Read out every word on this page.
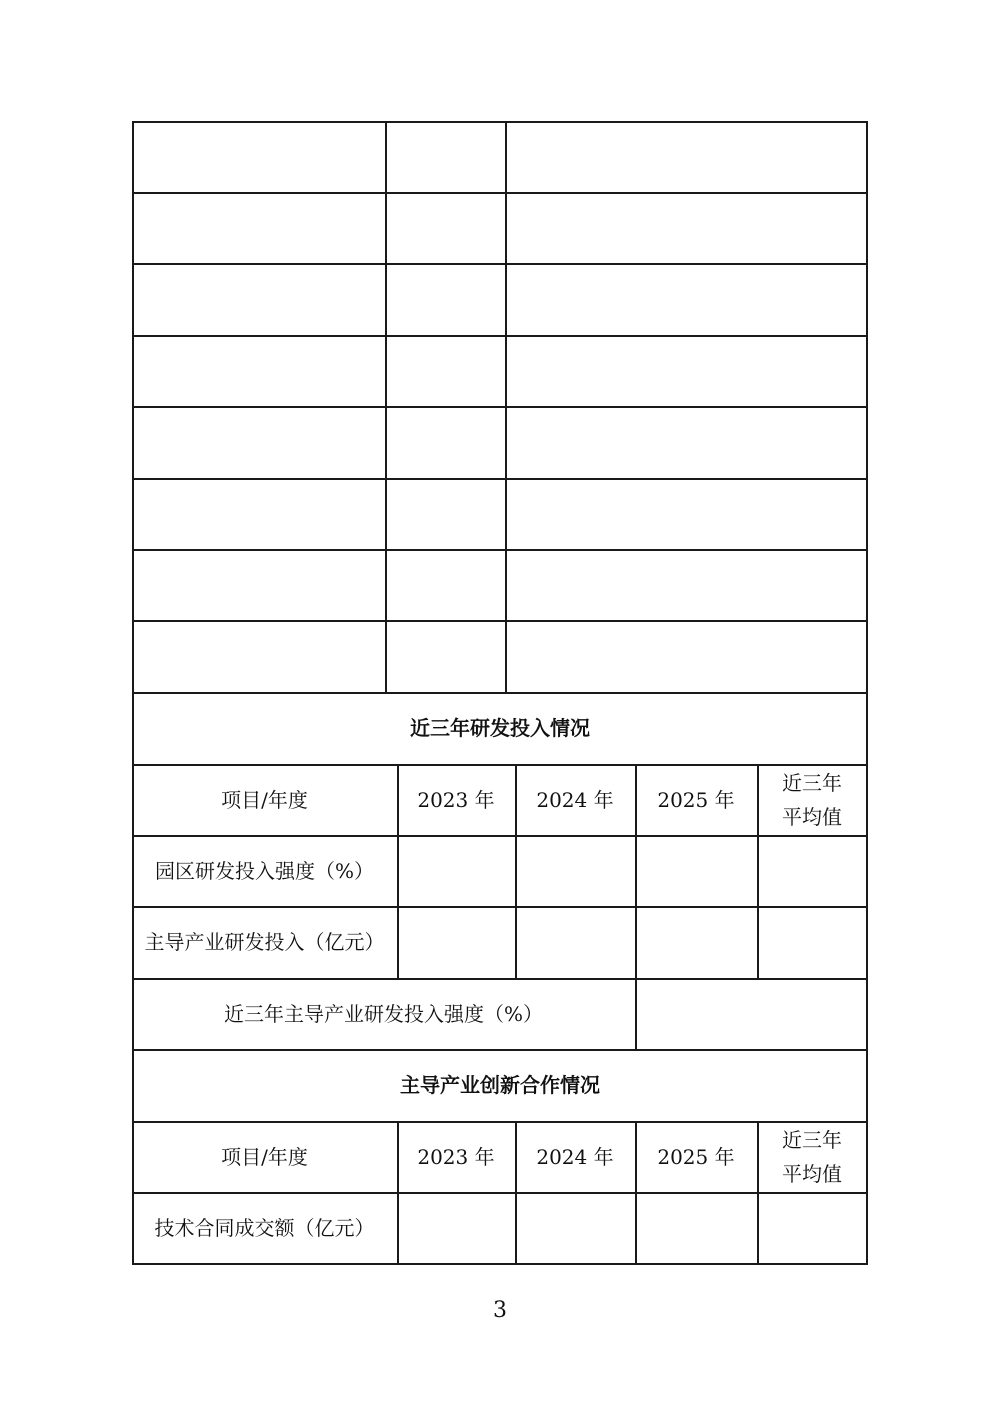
近三年研发投入情况
项目/年度	2023 年	2024 年	2025 年
近三年
平均值
园区研发投入强度（%）
主导产业研发投入（亿元）
近三年主导产业研发投入强度（%）
主导产业创新合作情况
项目/年度	2023 年	2024 年	2025 年
近三年
平均值
技术合同成交额（亿元）
3
